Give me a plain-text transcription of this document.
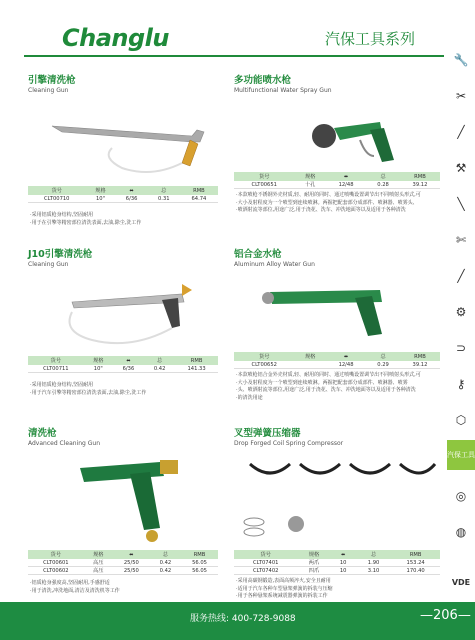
Changlu	汽保工具系列
🔧
✂
╱
⚒
╲
✄
╱
⚙
⊃
⚷
⬡
汽保工具
◎
◍
VDE
引擎清洗枪
Cleaning Gun
货号	规格	⬌	总	RMB
CLT00710	10"	6/36	0.31	64.74
·采用铝质枪身结构,坚固耐用
·用于在引擎等精密部位清洗表面,去油,除尘,洗工作
多功能喷水枪
Multifunctional Water Spray Gun
货号	规格	⬌	总	RMB
CLT00651	十孔	12/48	0.28	39.12
·本款喷枪不锈钢外壳材质,轻、耐用的同时、通过喷嘴设置调节出不同喷射头形式,可
·大小及射程度为一个喷型到连续喷淋。两握把配套部分成部件、喷淋器、喷雾头、
·喷洒射流等部位,用途广泛,用于浇花、洗车、冲洗地面等以及适用于各种清洗
J10引擎清洗枪
Cleaning Gun
货号	规格	⬌	总	RMB
CLT00711	10"	6/36	0.42	141.33
·采用铝质枪身结构,坚固耐用
·用于汽车引擎等精密部位清洗表面,去油,除尘,洗工作
铝合金水枪
Aluminum Alloy Water Gun
货号	规格	⬌	总	RMB
CLT00652		12/48	0.29	39.12
·本款喷枪铝合金外壳材质,轻、耐用的同时、通过喷嘴设置调节出不同喷射头形式,可
·大小及射程度为一个喷型到连续喷淋。两握把配套部分成部件、喷淋器、喷雾
·头、喷洒射流等部位,用途广泛,用于浇花、洗车、冲洗地面等以及适用于各种清洗
·的清洗用途
清洗枪
Advanced Cleaning Gun
货号	规格	⬌	总	RMB
CLT00601	高压	25/50	0.42	56.05
CLT00602	高压	25/50	0.42	56.05
·铝质枪身强度高,坚固耐用,手感舒适
·用于清洗,冲洗地面,清洁及清洗机等工作
叉型弹簧压缩器
Drop Forged Coil Spring Compressor
货号	规格	⬌	总	RMB
CLT07401	两爪	10	1.90	153.24
CLT07402	四爪	10	3.10	170.40
·采用高碳钢锻造,表面高频淬火,安全且耐用
·适用于汽车各种车型悬架弹簧的拆装与压缩
·用于各种悬架系统减震器弹簧的拆装工作
服务热线: 400-728-9088	—206—
